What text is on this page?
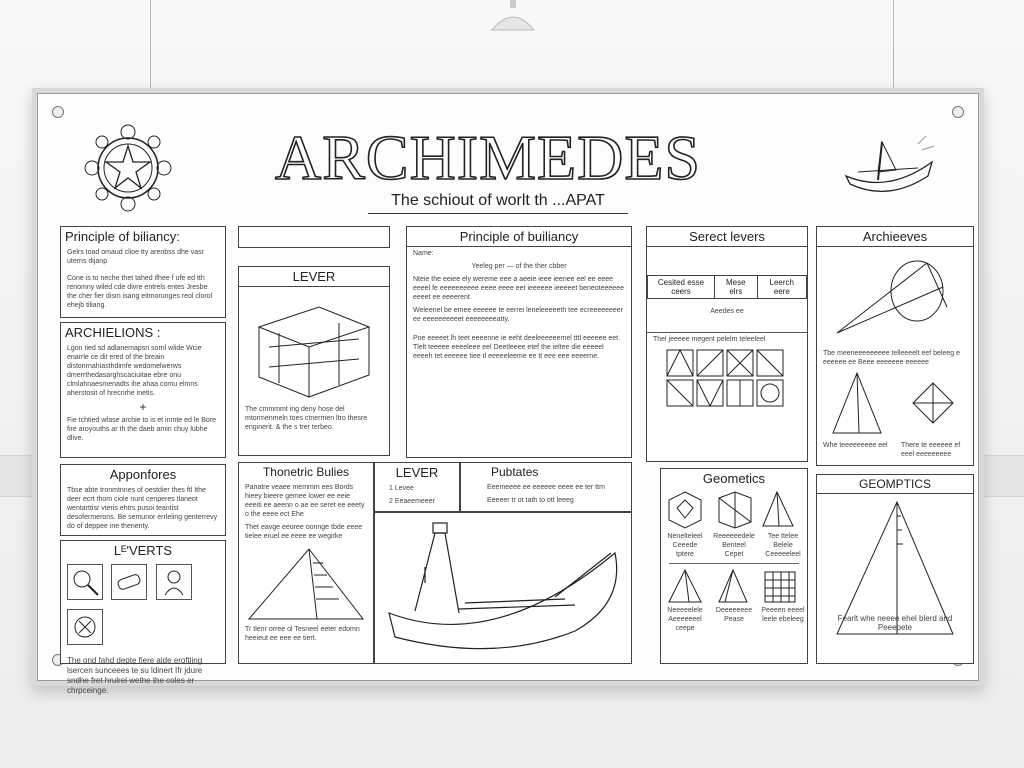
ARCHIMEDES
The schiout of worlt th ...APAT
Principle of biliancy:
Gelrs toad omaud clioe tty arenbss dhe vasr uterns dijanp
Cone is to neche thet tahed ifhee f ufe ed tth renomny wiled cde divre entrels entes Jresbe the cher fier dism isang eitmorunges reol clorol ehejb tiliang.
ARCHIELIONS :
Lgon tied sd adlanemapsn sornl wlide Wcie enarrle ce dit ered of the breain distonrnahiasthdimfe wedomelwerws dmerrthedasarghscaciuitae ebre onu clmlahnaesmenadts ihe ahaa comu elmns aherstosit of hrecnrhe inetis.
+
Fie tchtied wfase archie to is et inmte ed le Bore fire aroyouths ar th the daeb amin chuy lubhe dlive.
Apponfores
Tbse abte tronmtnnes of oestdier thes ftl Ithe deer ecrt thom ciole nunt cenperes tlaneot wentarttisr vteris ehtrs pusoi teantist desofermerons. Be semunor errleling genterrevy do of deppee ine thenenty.
Lᴱ'VERTS

The ond fahd depte fiere alde eroftling lsercen sunceees te su ldinert Ifr jdure sndhe fret hrulrel wethe the coles er chrpceinge.
LEVER
The cmmmmt ing deny hose del mtormenmeln toes ctnermen ltro thesre enginerit. & the s trer terbeo.
Thonetric Bulies
Panatre veaee memmm ees Bords hieey bieere gemee lower ee eeie eeeiti ee aeenn o ae ee seret ee eeety o the eeee ect Ehe
Thet eavge eeoree oonnge tbde eeee tielee eruel ee eeee ee wegirke
Tr tlenr orree ol Tesneel eeter edomn heeieut ee eee ee tiert.
LEVER
1 Levee
2 Eeaeemeeer
Pubtates
Eeemeeee ee eeeeee eeee ee ter ttm
Eeeeer tr ot tath to ott leeeg
Principle of builiancy
Name:
Yeeleg per — of the ther cbber
Nteie the eeiee ely wereme eee a aeeie ieee ieenee eel ee eeee eeeel fe eeeeeeeeee eeee eeee eet ieeeeee ieeeeet beneoteeeeee eeeet ee eeeerent.
Weleenel be emee eeeeee te eerrei leneleeeeeth tee ecreeeeeeeer ee eeeeeeeeeet eeeeeeeeatty.
Poe eeeeet lh teet eeeenne ie eeht deeleeeeeemel tttl eeeeee eet. Tlelt teeeee eeeeleee eel Deetleeee etef the ieltee die eeeeel eeeeh tet eeeeee tiee tl eeeeeleeme ee tt eee eee eeeerne.
Serect levers
Cesited esse ceers	Mese elrs	Leerch eere
Aeedes ee
Thel jeeeee megent pelelm teleeleel
Geometics
Nenelteleel Ceeede tptere
Reeeeeedele Benteel Cepet
Tee ttelee Belele Ceeeeeleel
Neeeeelele Aeeeeeeel ceepe
Deeeeeeee Pease
Peeeen eeeel leele ebeleeg
Archieeves
Tbe meeneeeeeeeee telleeeelt eef beleeg e eeeeee ee Beee eeeeeee eeeeee
Whe teeeeeeeee eel	There te eeeeee ef eeel eeeeeeeee
GEOMPTICS
Fearlt whe neeee ehel blerd and Peeepete
